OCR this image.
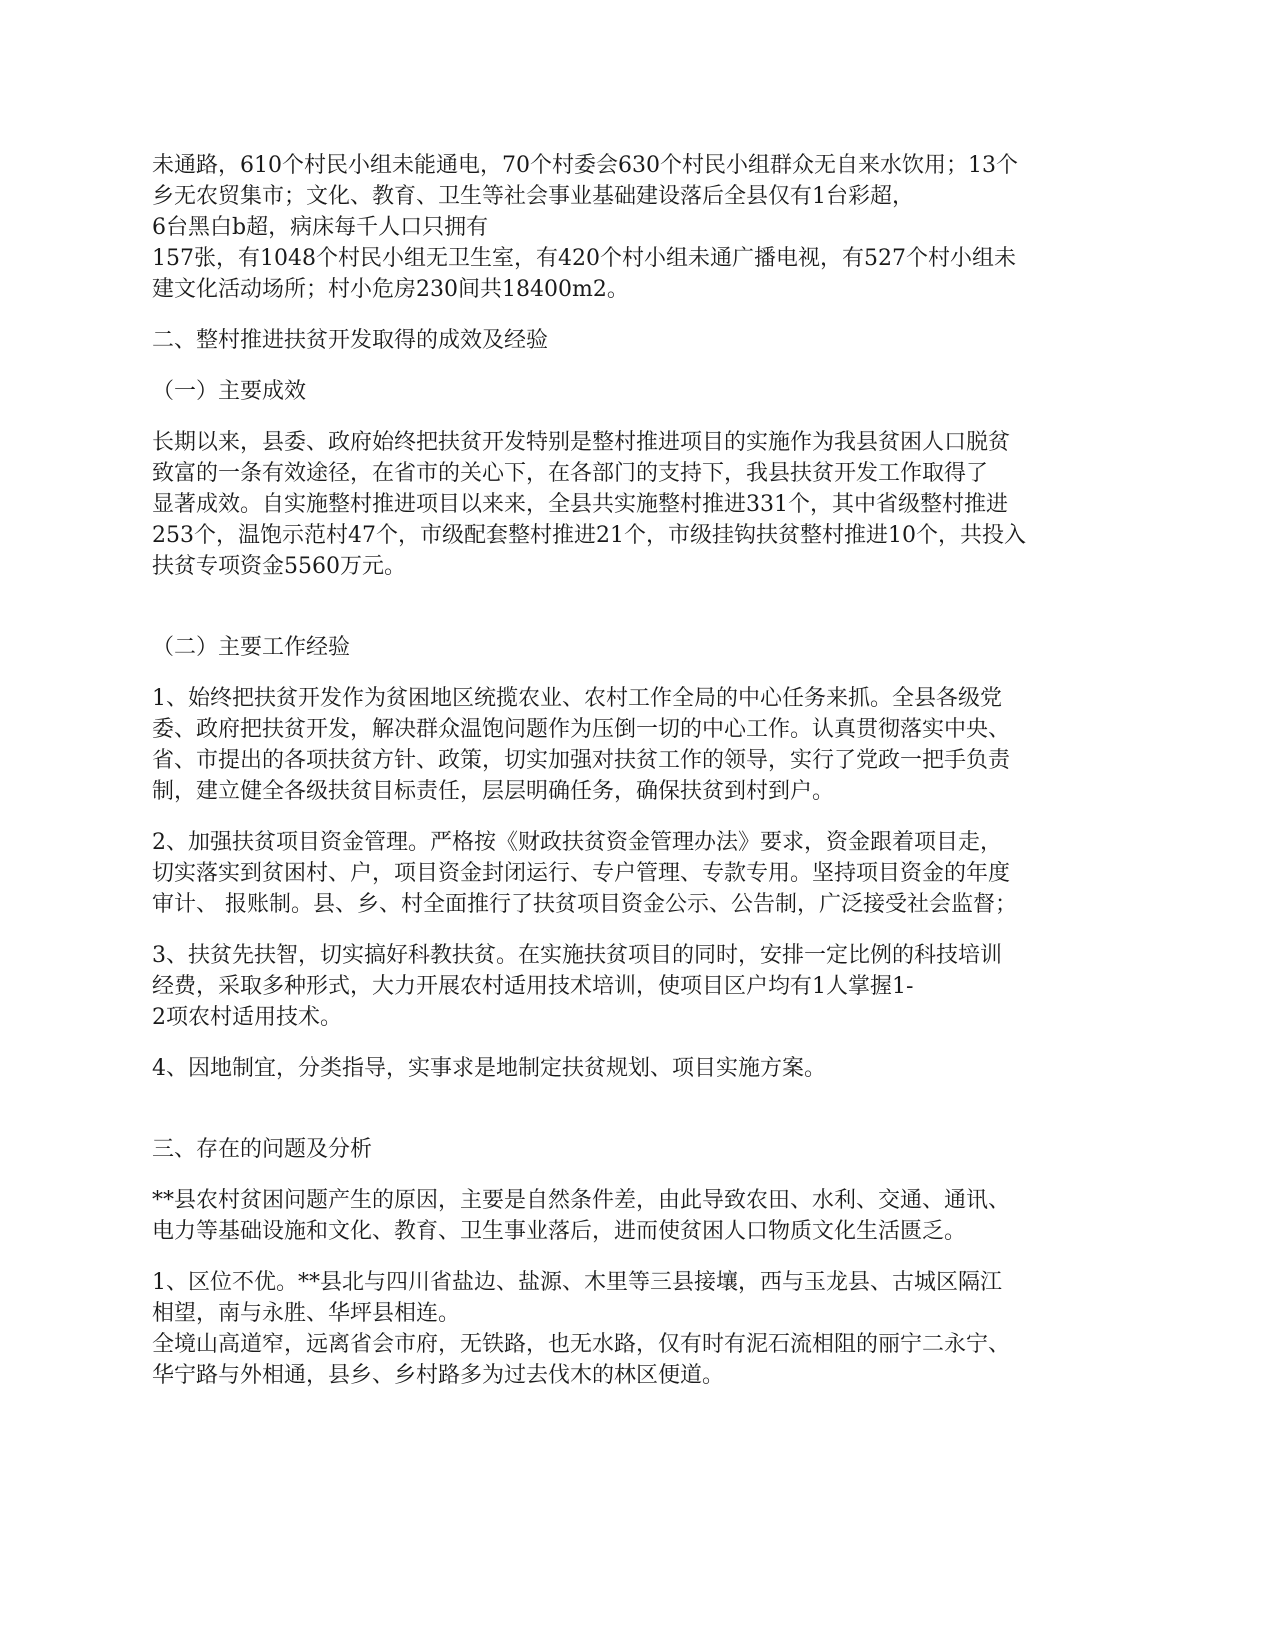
未通路，610个村民小组未能通电，70个村委会630个村民小组群众无自来水饮用；13个
乡无农贸集市；文化、教育、卫生等社会事业基础建设落后全县仅有1台彩超，
6台黑白b超，病床每千人口只拥有
157张，有1048个村民小组无卫生室，有420个村小组未通广播电视，有527个村小组未
建文化活动场所；村小危房230间共18400m2。
二、整村推进扶贫开发取得的成效及经验
（一）主要成效
长期以来，县委、政府始终把扶贫开发特别是整村推进项目的实施作为我县贫困人口脱贫
致富的一条有效途径，在省市的关心下，在各部门的支持下，我县扶贫开发工作取得了
显著成效。自实施整村推进项目以来来，全县共实施整村推进331个，其中省级整村推进
253个，温饱示范村47个，市级配套整村推进21个，市级挂钩扶贫整村推进10个，共投入
扶贫专项资金5560万元。
（二）主要工作经验
1、始终把扶贫开发作为贫困地区统揽农业、农村工作全局的中心任务来抓。全县各级党
委、政府把扶贫开发，解决群众温饱问题作为压倒一切的中心工作。认真贯彻落实中央、
省、市提出的各项扶贫方针、政策，切实加强对扶贫工作的领导，实行了党政一把手负责
制，建立健全各级扶贫目标责任，层层明确任务，确保扶贫到村到户。
2、加强扶贫项目资金管理。严格按《财政扶贫资金管理办法》要求，资金跟着项目走，
切实落实到贫困村、户，项目资金封闭运行、专户管理、专款专用。坚持项目资金的年度
审计、 报账制。县、乡、村全面推行了扶贫项目资金公示、公告制，广泛接受社会监督；
3、扶贫先扶智，切实搞好科教扶贫。在实施扶贫项目的同时，安排一定比例的科技培训
经费，采取多种形式，大力开展农村适用技术培训，使项目区户均有1人掌握1-
2项农村适用技术。
4、因地制宜，分类指导，实事求是地制定扶贫规划、项目实施方案。
三、存在的问题及分析
**县农村贫困问题产生的原因，主要是自然条件差，由此导致农田、水利、交通、通讯、
电力等基础设施和文化、教育、卫生事业落后，进而使贫困人口物质文化生活匮乏。
1、区位不优。**县北与四川省盐边、盐源、木里等三县接壤，西与玉龙县、古城区隔江
相望，南与永胜、华坪县相连。
全境山高道窄，远离省会市府，无铁路，也无水路，仅有时有泥石流相阻的丽宁二永宁、
华宁路与外相通，县乡、乡村路多为过去伐木的林区便道。
